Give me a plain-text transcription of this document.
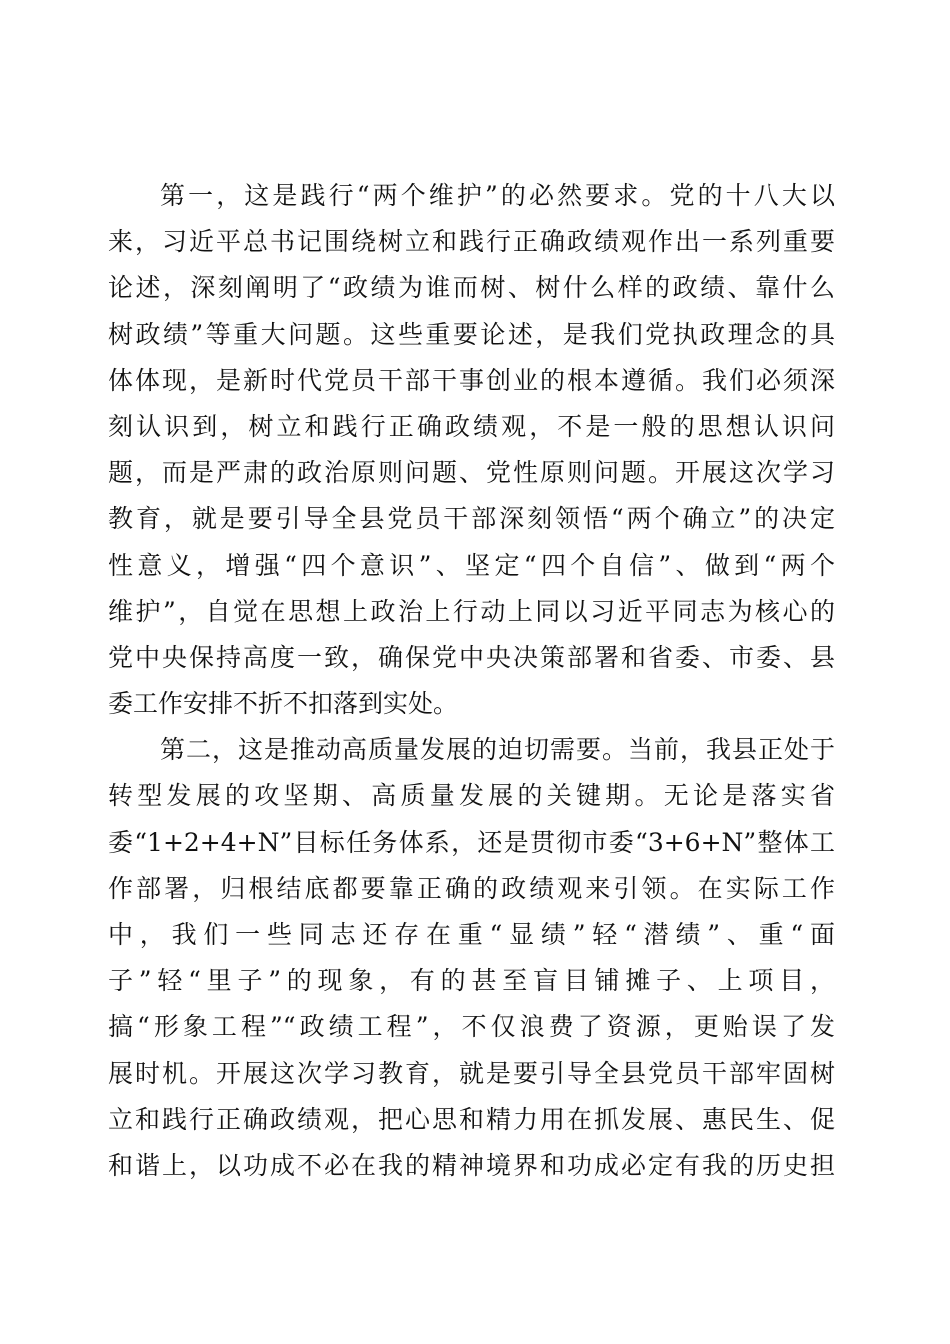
第一，这是践行“两个维护”的必然要求。党的十八大以
来，习近平总书记围绕树立和践行正确政绩观作出一系列重要
论述，深刻阐明了“政绩为谁而树、树什么样的政绩、靠什么
树政绩”等重大问题。这些重要论述，是我们党执政理念的具
体体现，是新时代党员干部干事创业的根本遵循。我们必须深
刻认识到，树立和践行正确政绩观，不是一般的思想认识问
题，而是严肃的政治原则问题、党性原则问题。开展这次学习
教育，就是要引导全县党员干部深刻领悟“两个确立”的决定
性意义，增强“四个意识”、坚定“四个自信”、做到“两个
维护”，自觉在思想上政治上行动上同以习近平同志为核心的
党中央保持高度一致，确保党中央决策部署和省委、市委、县
委工作安排不折不扣落到实处。
第二，这是推动高质量发展的迫切需要。当前，我县正处于
转型发展的攻坚期、高质量发展的关键期。无论是落实省
委“1+2+4+N”目标任务体系，还是贯彻市委“3+6+N”整体工
作部署，归根结底都要靠正确的政绩观来引领。在实际工作
中，我们一些同志还存在重“显绩”轻“潜绩”、重“面
子”轻“里子”的现象，有的甚至盲目铺摊子、上项目，
搞“形象工程”“政绩工程”，不仅浪费了资源，更贻误了发
展时机。开展这次学习教育，就是要引导全县党员干部牢固树
立和践行正确政绩观，把心思和精力用在抓发展、惠民生、促
和谐上，以功成不必在我的精神境界和功成必定有我的历史担
